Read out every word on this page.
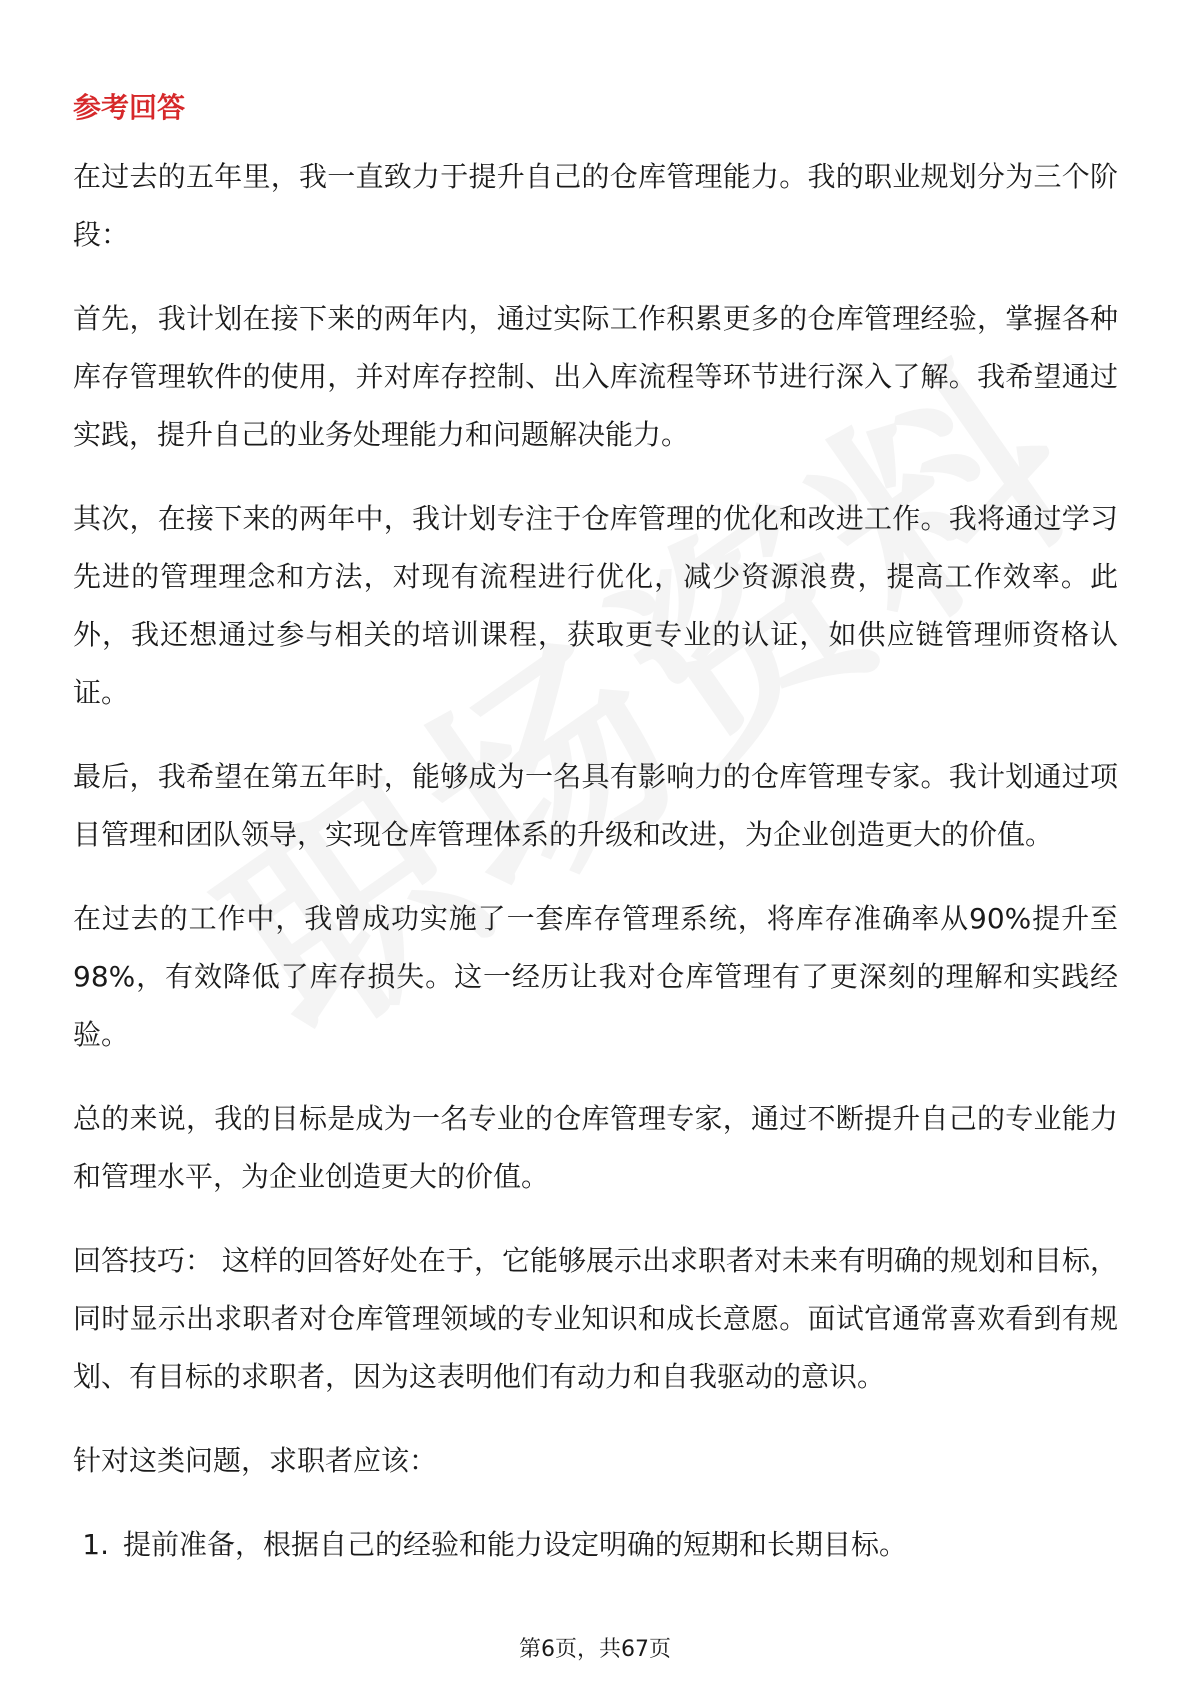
参考回答

在过去的五年里，我一直致力于提升自己的仓库管理能力。我的职业规划分为三个阶段：

首先，我计划在接下来的两年内，通过实际工作积累更多的仓库管理经验，掌握各种库存管理软件的使用，并对库存控制、出入库流程等环节进行深入了解。我希望通过实践，提升自己的业务处理能力和问题解决能力。

其次，在接下来的两年中，我计划专注于仓库管理的优化和改进工作。我将通过学习先进的管理理念和方法，对现有流程进行优化，减少资源浪费，提高工作效率。此外，我还想通过参与相关的培训课程，获取更专业的认证，如供应链管理师资格认证。

最后，我希望在第五年时，能够成为一名具有影响力的仓库管理专家。我计划通过项目管理和团队领导，实现仓库管理体系的升级和改进，为企业创造更大的价值。

在过去的工作中，我曾成功实施了一套库存管理系统，将库存准确率从90%提升至98%，有效降低了库存损失。这一经历让我对仓库管理有了更深刻的理解和实践经验。

总的来说，我的目标是成为一名专业的仓库管理专家，通过不断提升自己的专业能力和管理水平，为企业创造更大的价值。

回答技巧： 这样的回答好处在于，它能够展示出求职者对未来有明确的规划和目标，同时显示出求职者对仓库管理领域的专业知识和成长意愿。面试官通常喜欢看到有规划、有目标的求职者，因为这表明他们有动力和自我驱动的意识。

针对这类问题，求职者应该：

1. 提前准备，根据自己的经验和能力设定明确的短期和长期目标。
第6页，共67页
